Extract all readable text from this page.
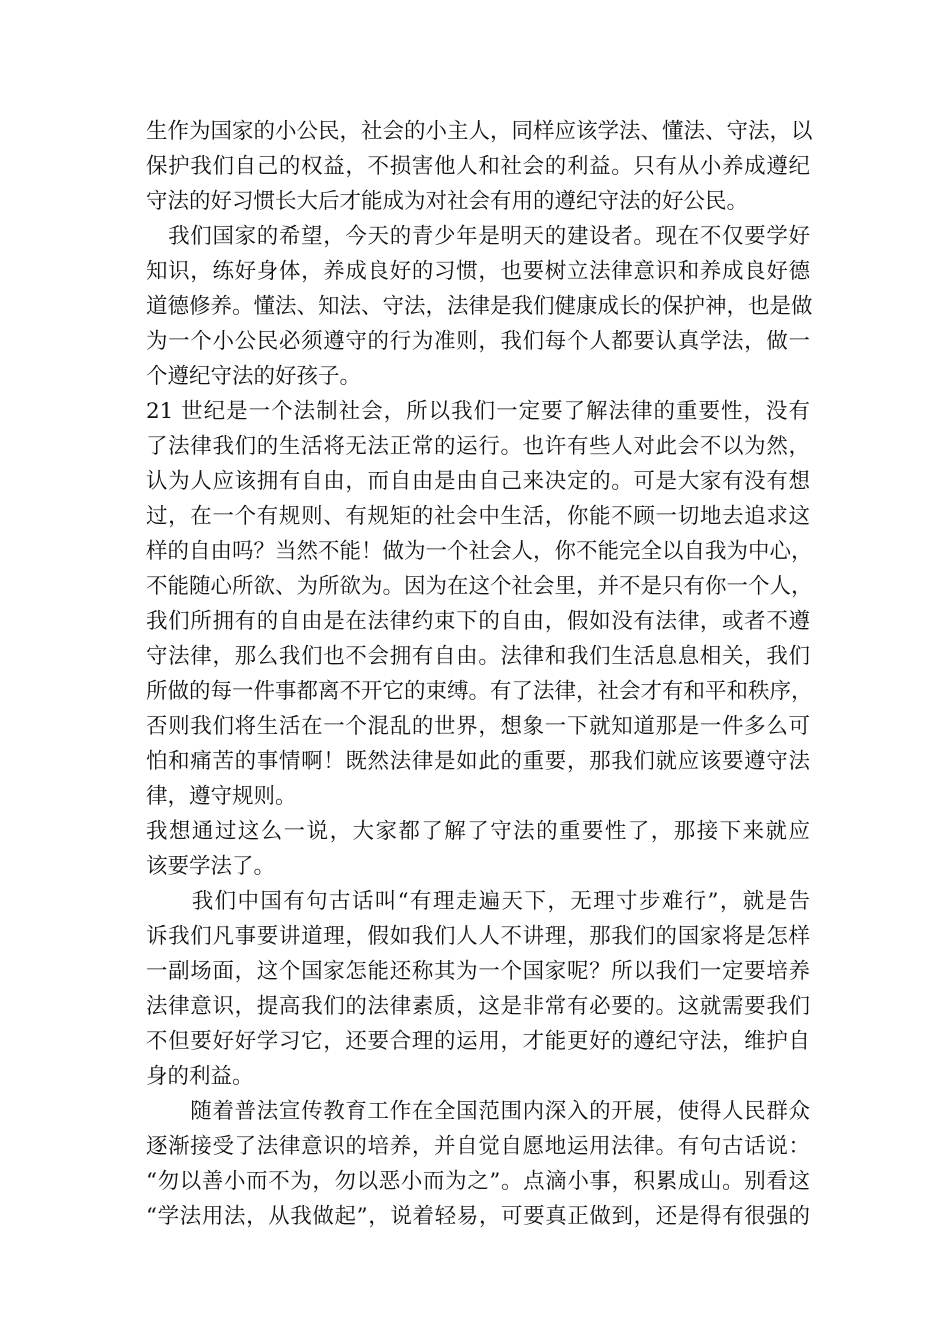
生作为国家的小公民，社会的小主人，同样应该学法、懂法、守法，以
保护我们自己的权益，不损害他人和社会的利益。只有从小养成遵纪
守法的好习惯长大后才能成为对社会有用的遵纪守法的好公民。
　我们国家的希望，今天的青少年是明天的建设者。现在不仅要学好
知识，练好身体，养成良好的习惯，也要树立法律意识和养成良好德
道德修养。懂法、知法、守法，法律是我们健康成长的保护神，也是做
为一个小公民必须遵守的行为准则，我们每个人都要认真学法，做一
个遵纪守法的好孩子。
21 世纪是一个法制社会，所以我们一定要了解法律的重要性，没有
了法律我们的生活将无法正常的运行。也许有些人对此会不以为然，
认为人应该拥有自由，而自由是由自己来决定的。可是大家有没有想
过，在一个有规则、有规矩的社会中生活，你能不顾一切地去追求这
样的自由吗？当然不能！做为一个社会人，你不能完全以自我为中心，
不能随心所欲、为所欲为。因为在这个社会里，并不是只有你一个人，
我们所拥有的自由是在法律约束下的自由，假如没有法律，或者不遵
守法律，那么我们也不会拥有自由。法律和我们生活息息相关，我们
所做的每一件事都离不开它的束缚。有了法律，社会才有和平和秩序，
否则我们将生活在一个混乱的世界，想象一下就知道那是一件多么可
怕和痛苦的事情啊！既然法律是如此的重要，那我们就应该要遵守法
律，遵守规则。
我想通过这么一说，大家都了解了守法的重要性了，那接下来就应
该要学法了。
　　我们中国有句古话叫“有理走遍天下，无理寸步难行”，就是告
诉我们凡事要讲道理，假如我们人人不讲理，那我们的国家将是怎样
一副场面，这个国家怎能还称其为一个国家呢？所以我们一定要培养
法律意识，提高我们的法律素质，这是非常有必要的。这就需要我们
不但要好好学习它，还要合理的运用，才能更好的遵纪守法，维护自
身的利益。
　　随着普法宣传教育工作在全国范围内深入的开展，使得人民群众
逐渐接受了法律意识的培养，并自觉自愿地运用法律。有句古话说：
“勿以善小而不为，勿以恶小而为之”。点滴小事，积累成山。别看这
“学法用法，从我做起”，说着轻易，可要真正做到，还是得有很强的
